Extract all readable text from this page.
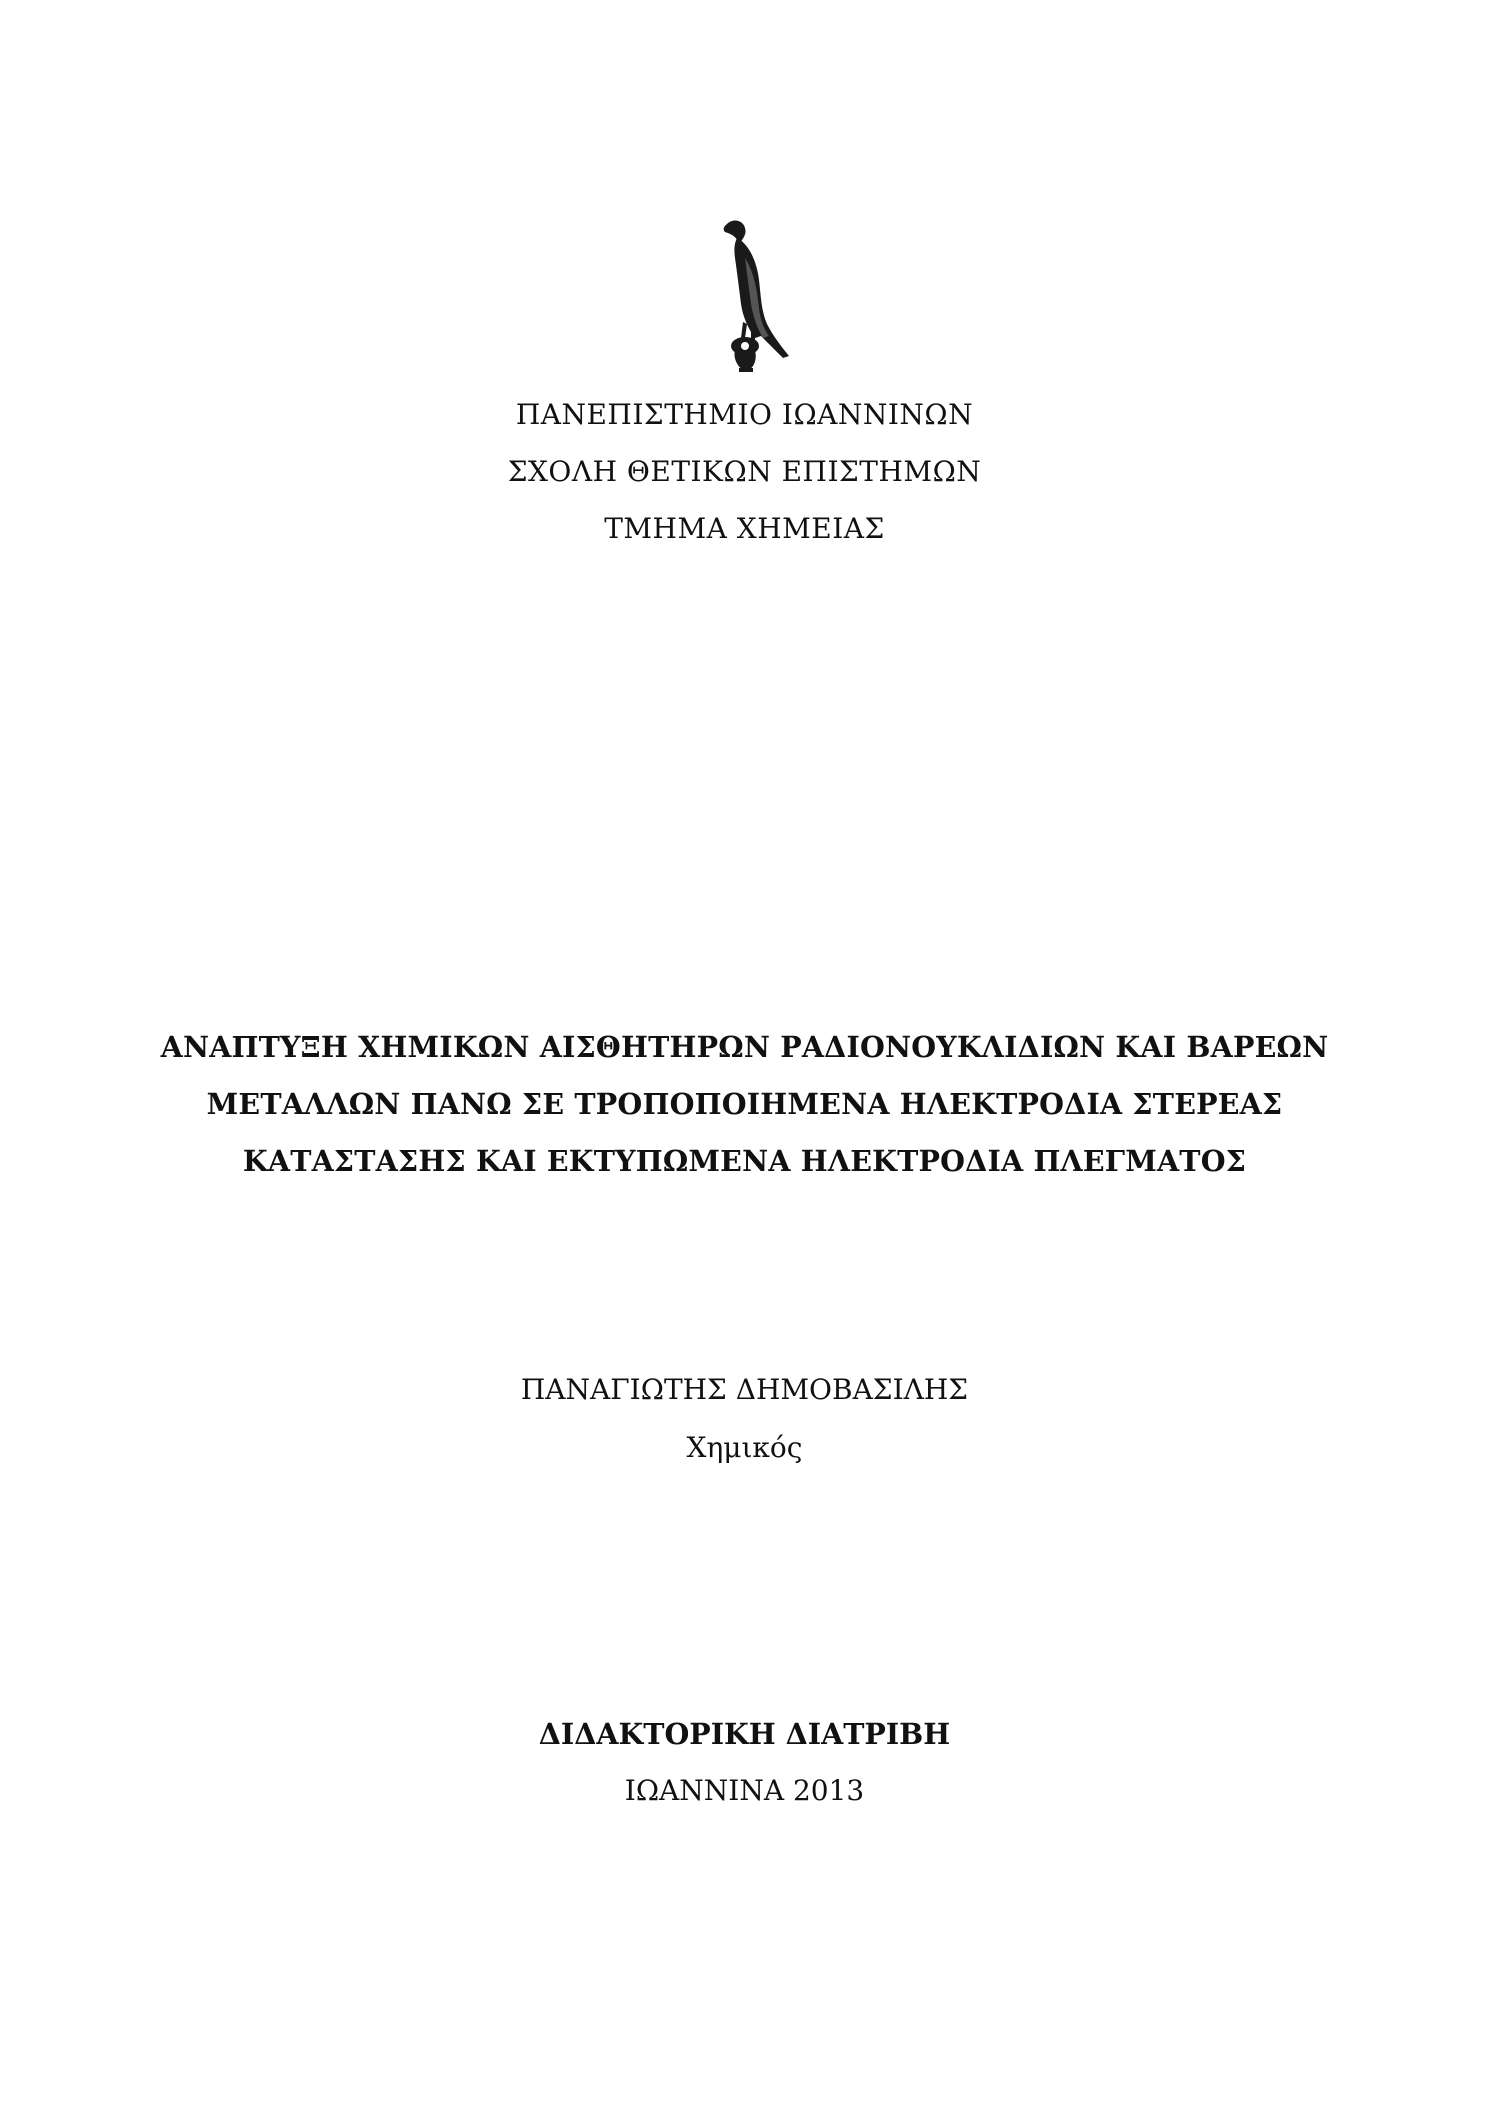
ΠΑΝΕΠΙΣΤΗΜΙΟ ΙΩΑΝΝΙΝΩΝ
ΣΧΟΛΗ ΘΕΤΙΚΩΝ ΕΠΙΣΤΗΜΩΝ
ΤΜΗΜΑ ΧΗΜΕΙΑΣ
ΑΝΑΠΤΥΞΗ ΧΗΜΙΚΩΝ ΑΙΣΘΗΤΗΡΩΝ ΡΑΔΙΟΝΟΥΚΛΙΔΙΩΝ ΚΑΙ ΒΑΡΕΩΝ
ΜΕΤΑΛΛΩΝ ΠΑΝΩ ΣΕ ΤΡΟΠΟΠΟΙΗΜΕΝΑ ΗΛΕΚΤΡΟΔΙΑ ΣΤΕΡΕΑΣ
ΚΑΤΑΣΤΑΣΗΣ ΚΑΙ ΕΚΤΥΠΩΜΕΝΑ ΗΛΕΚΤΡΟΔΙΑ ΠΛΕΓΜΑΤΟΣ
ΠΑΝΑΓΙΩΤΗΣ ΔΗΜΟΒΑΣΙΛΗΣ
Χημικός
ΔΙΔΑΚΤΟΡΙΚΗ ΔΙΑΤΡΙΒΗ
ΙΩΑΝΝΙΝΑ 2013
